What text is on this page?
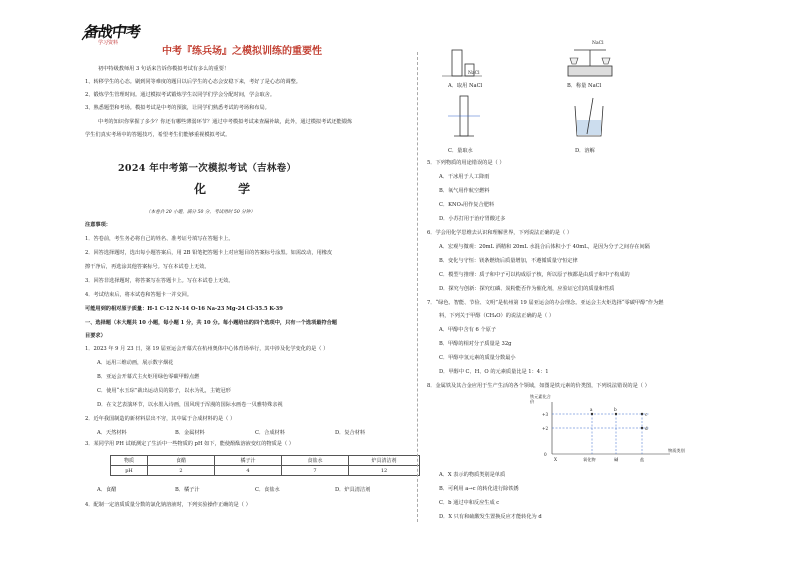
备战中考
学习资料
中考『练兵场』之模拟训练的重要性
初中特级教师用 3 句话来告诉你模拟考试有多么的重要！
1、转移学生的心态。刷到同等难度的题目以后学生的心态会安稳下来，考好了是心态的调整。
2、锻炼学生管理时间。通过模拟考试锻炼学生以同学们学会分配时间，学会取舍。
3、熟悉题型和考场。模拟考试是中考的预演，让同学们熟悉考试的考场和布局。
中考的知识你掌握了多少？你还有哪些薄弱环节？通过中考模拟考试来查漏补缺，此外，通过模拟考试还能锻炼
学生们真实考场中的答题技巧，希望考生们能够重视模拟考试。
2024 年中考第一次模拟考试（吉林卷）
化 学
（本卷共 20 小题，满分 50 分，考试用时 50 分钟）
注意事项：
1．答卷前，考生务必将自己的姓名、准考证号填写在答题卡上。
2．回答选择题时，选出每小题答案后，用 2B 铅笔把答题卡上对应题目的答案标号涂黑。如需改动，用橡皮
擦干净后，再选涂其他答案标号。写在本试卷上无效。
3．回答非选择题时，将答案写在答题卡上。写在本试卷上无效。
4．考试结束后，将本试卷和答题卡一并交回。
可能用到的相对原子质量：H-1 C-12 N-14 O-16 Na-23 Mg-24 Cl-35.5 K-39
一、选择题（本大题共 10 小题，每小题 1 分，共 10 分。每小题给出的四个选项中，只有一个选项最符合题
目要求）
1．2023 年 9 月 23 日，第 19 届亚运会开幕式在杭州奥体中心体育场举行，其中涉及化学变化的是（ ）
A．运用三维动画，展示数字烟花
B．亚运会开幕式主火炬用绿色零碳甲醇点燃
C．使用“水玉琮”裁出运动员的影子，以水为礼，主链冠形
D．在文艺表演环节，以水墨入诗画，国风现于浑漫的国际水画卷一贝雅特殊亲视
2．近年我国制造的新材料层出不穷，其中属于合成材料的是（ ）
A．天然材料	B．金属材料	C．合成材料	D．复合材料
3．某同学用 PH 试纸测定了生活中一些物质的 pH 如下，能使酚酞溶液变红的物质是（ ）
物质	食醋	橘子汁	食盐水	炉具清洁剂
pH	2	4	7	12
A．食醋	B．橘子汁	C．食盐水	D．炉具清洁剂
4．配制一定溶质质量分数的氯化钠溶液时，下列实验操作正确的是（ ）
NaCl
A．取用 NaCl
NaCl
B．称量 NaCl
C．量取水	D．溶解
5．下列物质的用途错误的是（ ）
A．干冰用于人工降雨
B．氧气用作航空燃料
C．KNO₃用作复合肥料
D．小苏打用于治疗胃酸过多
6．学会用化学思维去认识和理解世界，下列说法正确的是（ ）
A．宏观与微观：20mL 酒精和 20mL 水混合后体积小于 40mL，是因为分子之间存在间隔
B．变化与守恒：镁条燃烧后质量增加，不遵循质量守恒定律
C．模型与推理：质子和中子可以构成原子核，所以原子核都是由质子和中子构成的
D．探究与创新：探究红磷、炭粉能否作为催化剂，应验证它们的质量和性质
7．“绿色、智能、节俭、文明”是杭州第 19 届亚运会的办会理念。亚运会主火炬选择“零碳甲醇”作为燃
料，下列关于甲醇（CH₄O）的说法正确的是（ ）
A．甲醇中含有 6 个原子
B．甲醇的相对分子质量是 32g
C．甲醇中氢元素的质量分数最小
D．甲醇中 C、H、O 的元素质量比是 1：4：1
8．金属铁及其合金应用于生产生活的各个领域，如图是铁元素的价类图，下列说法错误的是（ ）
铁元素化合价
+3
+2
0
X	氧化物	碱	盐
物质类别
a	b
c
d
A．X 表示的物质类别是单质
B．可利用 a→c 的转化进行除铁锈
C．b 通过中和反应生成 c
D．X 只有和硫酸发生置换反应才能转化为 d
